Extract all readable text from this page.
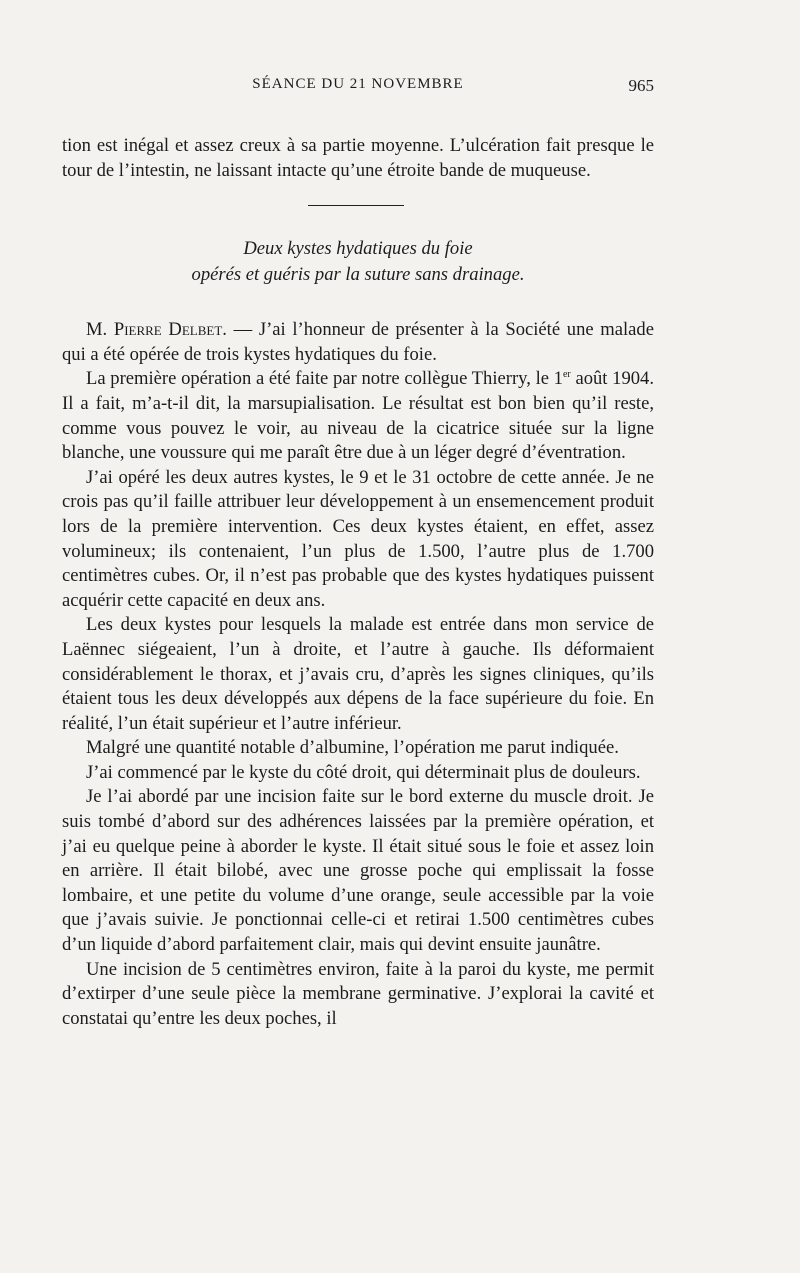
SÉANCE DU 21 NOVEMBRE	965

tion est inégal et assez creux à sa partie moyenne. L’ulcération fait presque le tour de l’intestin, ne laissant intacte qu’une étroite bande de muqueuse.

Deux kystes hydatiques du foie
opérés et guéris par la suture sans drainage.

M. Pierre Delbet. — J’ai l’honneur de présenter à la Société une malade qui a été opérée de trois kystes hydatiques du foie.

La première opération a été faite par notre collègue Thierry, le 1er août 1904. Il a fait, m’a-t-il dit, la marsupialisation. Le résultat est bon bien qu’il reste, comme vous pouvez le voir, au niveau de la cicatrice située sur la ligne blanche, une voussure qui me paraît être due à un léger degré d’éventration.

J’ai opéré les deux autres kystes, le 9 et le 31 octobre de cette année. Je ne crois pas qu’il faille attribuer leur développement à un ensemencement produit lors de la première intervention. Ces deux kystes étaient, en effet, assez volumineux; ils contenaient, l’un plus de 1.500, l’autre plus de 1.700 centimètres cubes. Or, il n’est pas probable que des kystes hydatiques puissent acquérir cette capacité en deux ans.

Les deux kystes pour lesquels la malade est entrée dans mon service de Laënnec siégeaient, l’un à droite, et l’autre à gauche. Ils déformaient considérablement le thorax, et j’avais cru, d’après les signes cliniques, qu’ils étaient tous les deux développés aux dépens de la face supérieure du foie. En réalité, l’un était supérieur et l’autre inférieur.

Malgré une quantité notable d’albumine, l’opération me parut indiquée.

J’ai commencé par le kyste du côté droit, qui déterminait plus de douleurs.

Je l’ai abordé par une incision faite sur le bord externe du muscle droit. Je suis tombé d’abord sur des adhérences laissées par la première opération, et j’ai eu quelque peine à aborder le kyste. Il était situé sous le foie et assez loin en arrière. Il était bilobé, avec une grosse poche qui emplissait la fosse lombaire, et une petite du volume d’une orange, seule accessible par la voie que j’avais suivie. Je ponctionnai celle-ci et retirai 1.500 centimètres cubes d’un liquide d’abord parfaitement clair, mais qui devint ensuite jaunâtre.

Une incision de 5 centimètres environ, faite à la paroi du kyste, me permit d’extirper d’une seule pièce la membrane germinative. J’explorai la cavité et constatai qu’entre les deux poches, il
